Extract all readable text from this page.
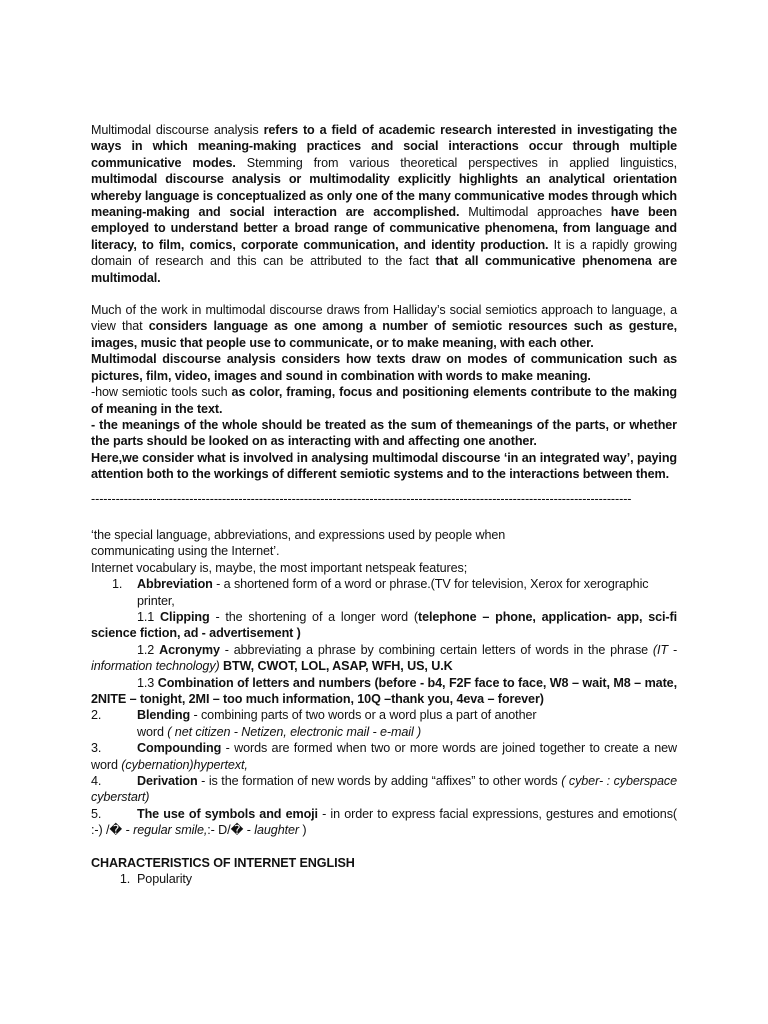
Multimodal discourse analysis refers to a field of academic research interested in investigating the ways in which meaning-making practices and social interactions occur through multiple communicative modes. Stemming from various theoretical perspectives in applied linguistics, multimodal discourse analysis or multimodality explicitly highlights an analytical orientation whereby language is conceptualized as only one of the many communicative modes through which meaning-making and social interaction are accomplished. Multimodal approaches have been employed to understand better a broad range of communicative phenomena, from language and literacy, to film, comics, corporate communication, and identity production. It is a rapidly growing domain of research and this can be attributed to the fact that all communicative phenomena are multimodal.

Much of the work in multimodal discourse draws from Halliday’s social semiotics approach to language, a view that considers language as one among a number of semiotic resources such as gesture, images, music that people use to communicate, or to make meaning, with each other.

Multimodal discourse analysis considers how texts draw on modes of communication such as pictures, film, video, images and sound in combination with words to make meaning.

-how semiotic tools such as color, framing, focus and positioning elements contribute to the making of meaning in the text.

- the meanings of the whole should be treated as the sum of themeanings of the parts, or whether the parts should be looked on as interacting with and affecting one another.

Here,we consider what is involved in analysing multimodal discourse ‘in an integrated way’, paying attention both to the workings of different semiotic systems and to the interactions between them.

------------------------------------------------------------------------------------------------------------------------------------

‘the special language, abbreviations, and expressions used by people when

communicating using the Internet’.

Internet vocabulary is, maybe, the most important netspeak features;

1. Abbreviation - a shortened form of a word or phrase.(TV for television, Xerox for xerographic printer,

1.1 Clipping - the shortening of a longer word (telephone – phone, application- app, sci-fi science fiction, ad - advertisement )

1.2 Acronymy - abbreviating a phrase by combining certain letters of words in the phrase (IT - information technology) BTW, CWOT, LOL, ASAP, WFH, US, U.K

1.3 Combination of letters and numbers (before - b4, F2F face to face, W8 – wait, M8 – mate, 2NITE – tonight, 2MI – too much information, 10Q –thank you, 4eva – forever)

2.	Blending - combining parts of two words or a word plus a part of another

word ( net citizen - Netizen, electronic mail - e-mail )

3.	Compounding - words are formed when two or more words are joined together to create a new word (cybernation)hypertext,

4.	Derivation - is the formation of new words by adding “affixes” to other words ( cyber- : cyberspace cyberstart)

5.	The use of symbols and emoji - in order to express facial expressions, gestures and emotions( :-) /� - regular smile,:- D/� - laughter )

CHARACTERISTICS OF INTERNET ENGLISH

1. Popularity
